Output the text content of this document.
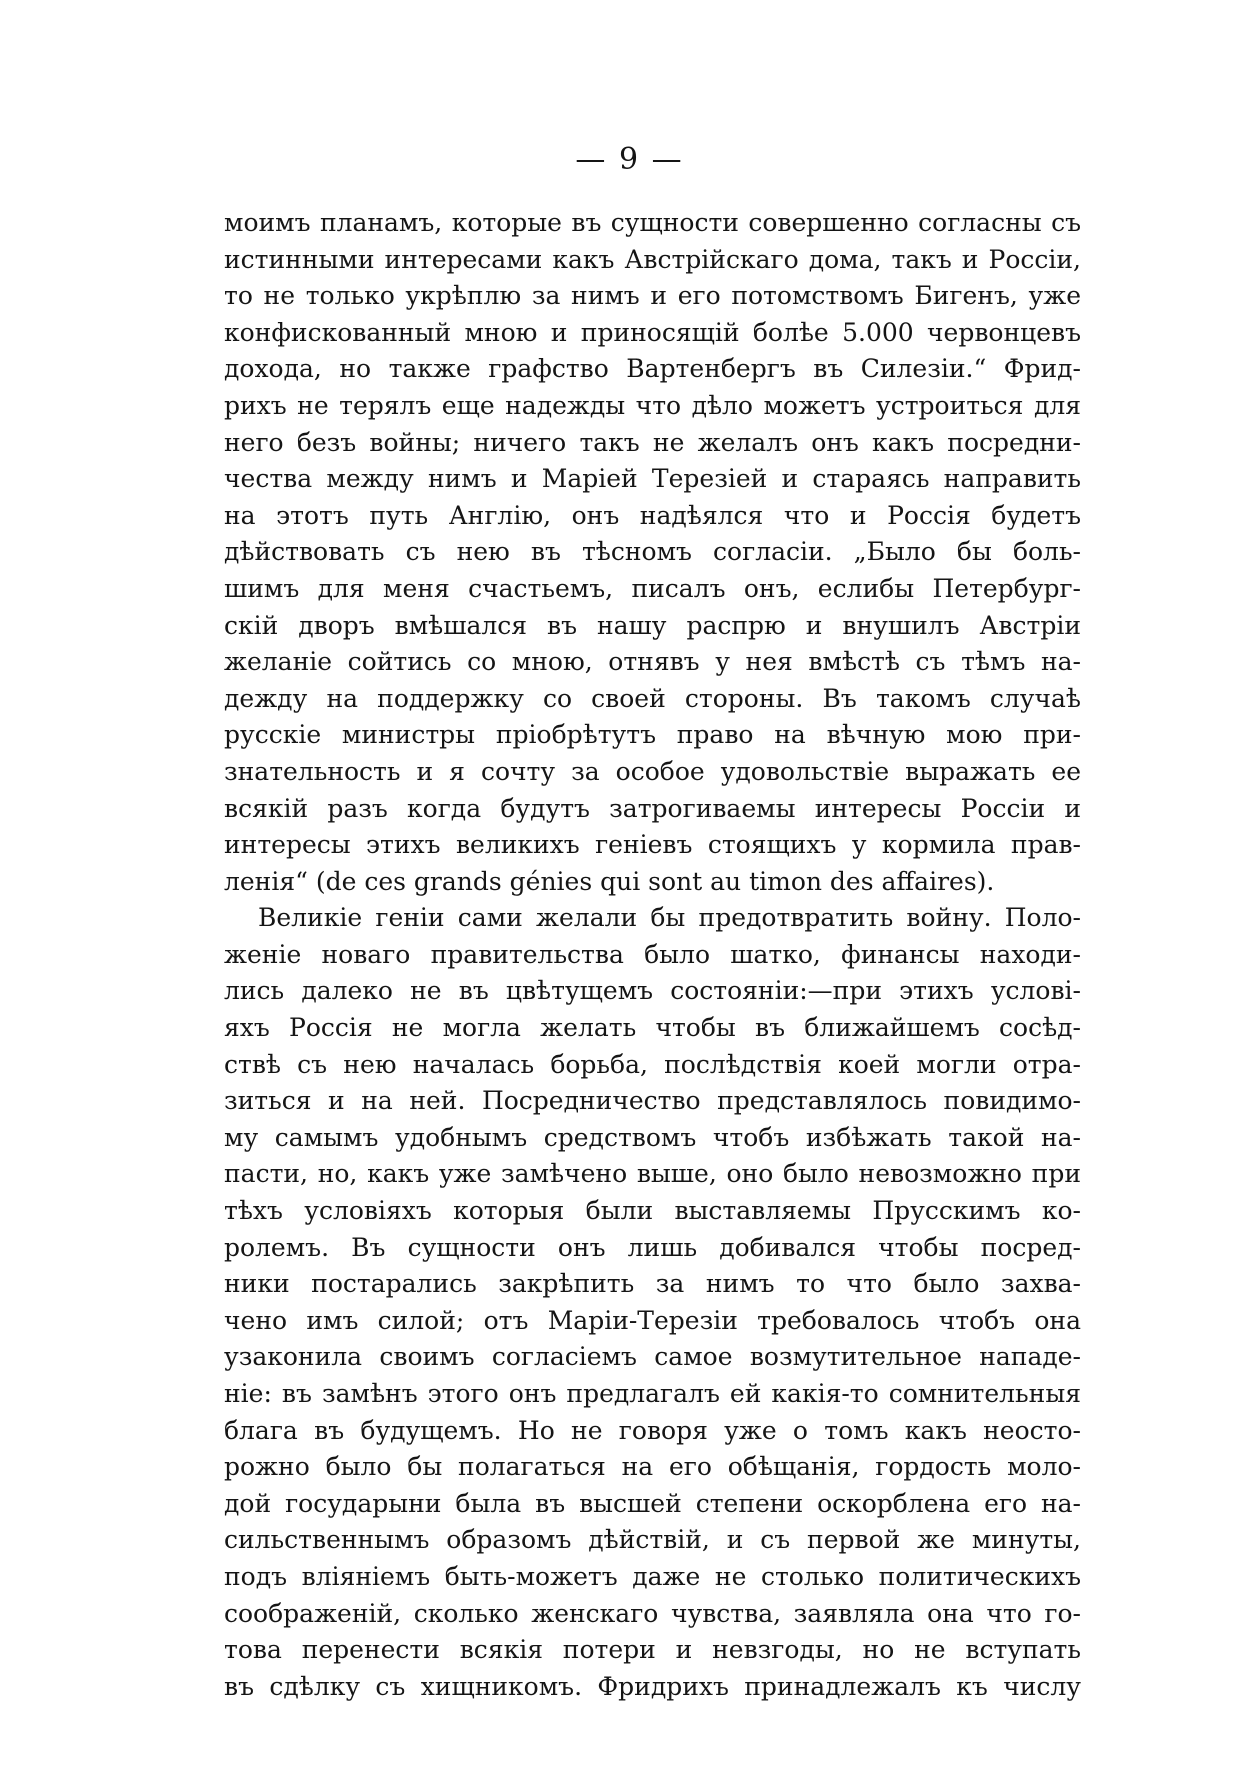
— 9 —
моимъ планамъ, которые въ сущности совершенно согласны съ
истинными интересами какъ Австрійскаго дома, такъ и Россіи,
то не только укрѣплю за нимъ и его потомствомъ Бигенъ, уже
конфискованный мною и приносящій болѣе 5.000 червонцевъ
дохода, но также графство Вартенбергъ въ Силезіи.“ Фрид-
рихъ не терялъ еще надежды что дѣло можетъ устроиться для
него безъ войны; ничего такъ не желалъ онъ какъ посредни-
чества между нимъ и Маріей Терезіей и стараясь направить
на этотъ путь Англію, онъ надѣялся что и Россія будетъ
дѣйствовать съ нею въ тѣсномъ согласіи. „Было бы боль-
шимъ для меня счастьемъ, писалъ онъ, еслибы Петербург-
скій дворъ вмѣшался въ нашу распрю и внушилъ Австріи
желаніе сойтись со мною, отнявъ у нея вмѣстѣ съ тѣмъ на-
дежду на поддержку со своей стороны. Въ такомъ случаѣ
русскіе министры пріобрѣтутъ право на вѣчную мою при-
знательность и я сочту за особое удовольствіе выражать ее
всякій разъ когда будутъ затрогиваемы интересы Россіи и
интересы этихъ великихъ геніевъ стоящихъ у кормила прав-
ленія“ (de ces grands génies qui sont au timon des affaires).
Великіе геніи сами желали бы предотвратить войну. Поло-
женіе новаго правительства было шатко, финансы находи-
лись далеко не въ цвѣтущемъ состояніи:—при этихъ услові-
яхъ Россія не могла желать чтобы въ ближайшемъ сосѣд-
ствѣ съ нею началась борьба, послѣдствія коей могли отра-
зиться и на ней. Посредничество представлялось повидимо-
му самымъ удобнымъ средствомъ чтобъ избѣжать такой на-
пасти, но, какъ уже замѣчено выше, оно было невозможно при
тѣхъ условіяхъ которыя были выставляемы Прусскимъ ко-
ролемъ. Въ сущности онъ лишь добивался чтобы посред-
ники постарались закрѣпить за нимъ то что было захва-
чено имъ силой; отъ Маріи-Терезіи требовалось чтобъ она
узаконила своимъ согласіемъ самое возмутительное нападе-
ніе: въ замѣнъ этого онъ предлагалъ ей какія-то сомнительныя
блага въ будущемъ. Но не говоря уже о томъ какъ неосто-
рожно было бы полагаться на его обѣщанія, гордость моло-
дой государыни была въ высшей степени оскорблена его на-
сильственнымъ образомъ дѣйствій, и съ первой же минуты,
подъ вліяніемъ быть-можетъ даже не столько политическихъ
соображеній, сколько женскаго чувства, заявляла она что го-
това перенести всякія потери и невзгоды, но не вступать
въ сдѣлку съ хищникомъ. Фридрихъ принадлежалъ къ числу
